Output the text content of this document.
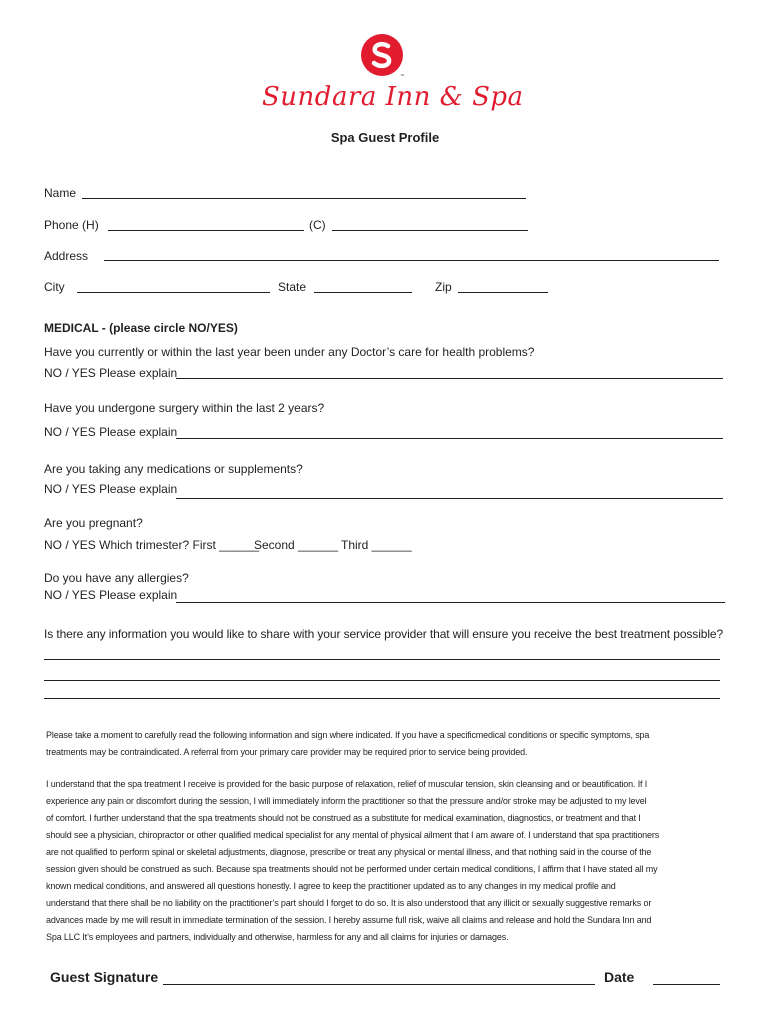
™
Sundara Inn & Spa
Spa Guest Profile
Name
Phone (H)	(C)
Address
City	State	Zip
MEDICAL - (please circle NO/YES)
Have you currently or within the last year been under any Doctor’s care for health problems?
NO / YES Please explain
Have you undergone surgery within the last 2 years?
NO / YES Please explain
Are you taking any medications or supplements?
NO / YES Please explain
Are you pregnant?
NO / YES Which trimester? First ______
Second ______ Third ______
Do you have any allergies?
NO / YES Please explain
Is there any information you would like to share with your service provider that will ensure you receive the best treatment possible?
Please take a moment to carefully read the following information and sign where indicated. If you have a specificmedical conditions or specific symptoms, spa
treatments may be contraindicated. A referral from your primary care provider may be required prior to service being provided.
I understand that the spa treatment I receive is provided for the basic purpose of relaxation, relief of muscular tension, skin cleansing and or beautification. If I
experience any pain or discomfort during the session, I will immediately inform the practitioner so that the pressure and/or stroke may be adjusted to my level
of comfort. I further understand that the spa treatments should not be construed as a substitute for medical examination, diagnostics, or treatment and that I
should see a physician, chiropractor or other qualified medical specialist for any mental of physical ailment that I am aware of. I understand that spa practitioners
are not qualified to perform spinal or skeletal adjustments, diagnose, prescribe or treat any physical or mental illness, and that nothing said in the course of the
session given should be construed as such. Because spa treatments should not be performed under certain medical conditions, I affirm that I have stated all my
known medical conditions, and answered all questions honestly. I agree to keep the practitioner updated as to any changes in my medical profile and
understand that there shall be no liability on the practitioner’s part should I forget to do so. It is also understood that any illicit or sexually suggestive remarks or
advances made by me will result in immediate termination of the session. I hereby assume full risk, waive all claims and release and hold the Sundara Inn and
Spa LLC It’s employees and partners, individually and otherwise, harmless for any and all claims for injuries or damages.
Guest Signature	Date
